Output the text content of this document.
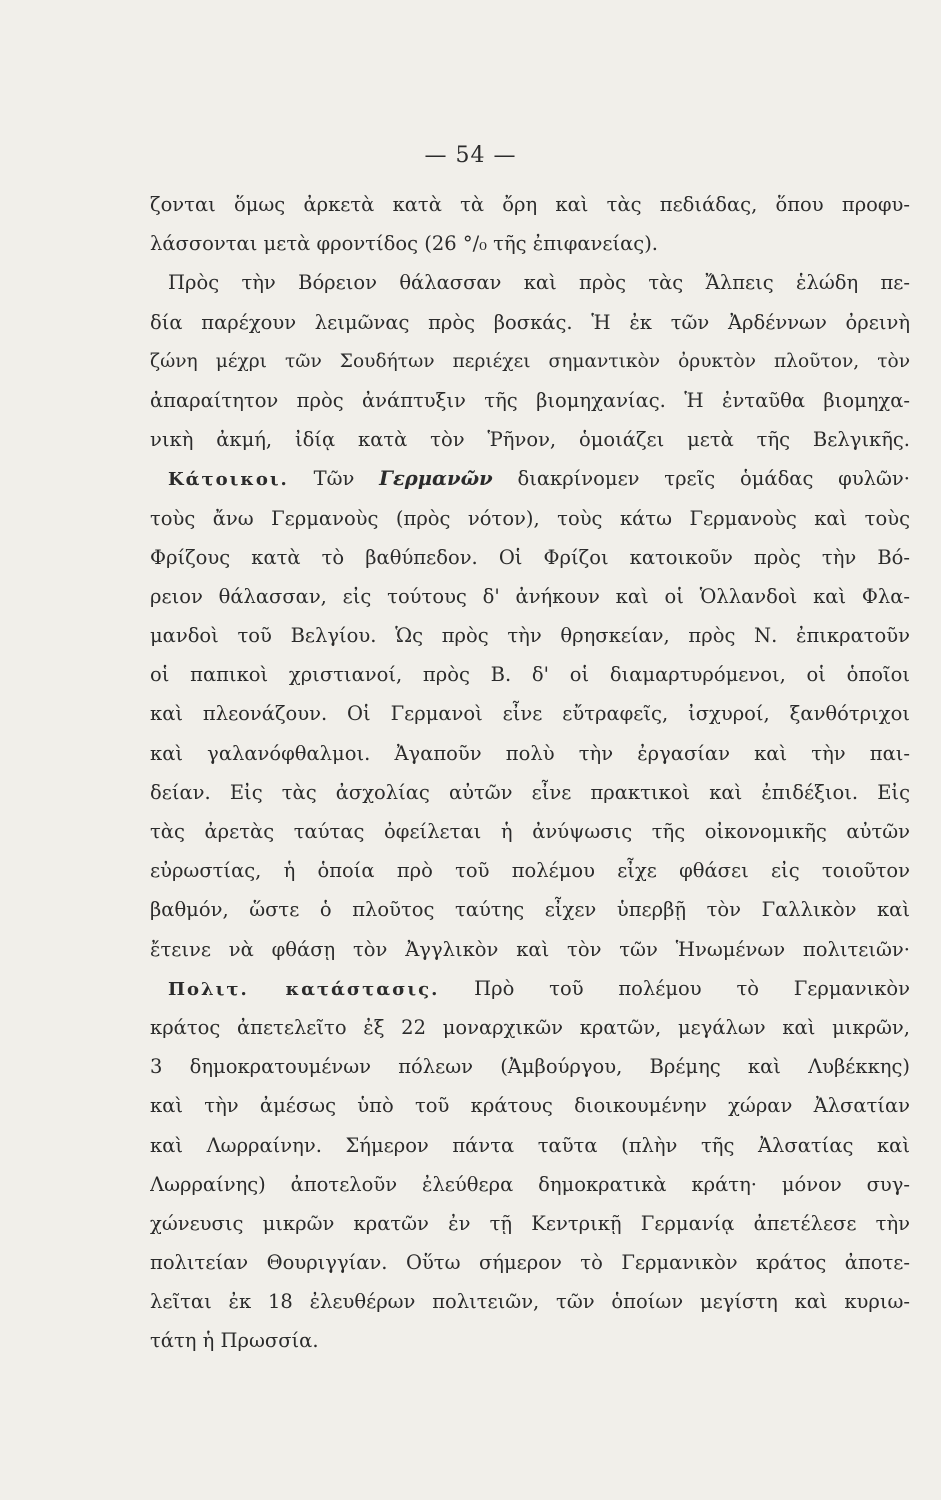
— 54 —
ζονται ὅμως ἀρκετὰ κατὰ τὰ ὄρη καὶ τὰς πεδιάδας, ὅπου προφυ-
λάσσονται μετὰ φροντίδος (26 °/₀ τῆς ἐπιφανείας).
Πρὸς τὴν Βόρειον θάλασσαν καὶ πρὸς τὰς Ἄλπεις ἑλώδη πε-
δία παρέχουν λειμῶνας πρὸς βοσκάς. Ἡ ἐκ τῶν Ἀρδέννων ὀρεινὴ
ζώνη μέχρι τῶν Σουδήτων περιέχει σημαντικὸν ὀρυκτὸν πλοῦτον, τὸν
ἀπαραίτητον πρὸς ἀνάπτυξιν τῆς βιομηχανίας. Ἡ ἐνταῦθα βιομηχα-
νικὴ ἀκμή, ἰδίᾳ κατὰ τὸν Ῥῆνον, ὁμοιάζει μετὰ τῆς Βελγικῆς.
Κάτοικοι. Τῶν Γερμανῶν διακρίνομεν τρεῖς ὁμάδας φυλῶν·
τοὺς ἄνω Γερμανοὺς (πρὸς νότον), τοὺς κάτω Γερμανοὺς καὶ τοὺς
Φρίζους κατὰ τὸ βαθύπεδον. Οἱ Φρίζοι κατοικοῦν πρὸς τὴν Βό-
ρειον θάλασσαν, εἰς τούτους δ' ἀνήκουν καὶ οἱ Ὁλλανδοὶ καὶ Φλα-
μανδοὶ τοῦ Βελγίου. Ὡς πρὸς τὴν θρησκείαν, πρὸς Ν. ἐπικρατοῦν
οἱ παπικοὶ χριστιανοί, πρὸς Β. δ' οἱ διαμαρτυρόμενοι, οἱ ὁποῖοι
καὶ πλεονάζουν. Οἱ Γερμανοὶ εἶνε εὔτραφεῖς, ἰσχυροί, ξανθότριχοι
καὶ γαλανόφθαλμοι. Ἀγαποῦν πολὺ τὴν ἐργασίαν καὶ τὴν παι-
δείαν. Εἰς τὰς ἀσχολίας αὐτῶν εἶνε πρακτικοὶ καὶ ἐπιδέξιοι. Εἰς
τὰς ἀρετὰς ταύτας ὀφείλεται ἡ ἀνύψωσις τῆς οἰκονομικῆς αὐτῶν
εὐρωστίας, ἡ ὁποία πρὸ τοῦ πολέμου εἶχε φθάσει εἰς τοιοῦτον
βαθμόν, ὥστε ὁ πλοῦτος ταύτης εἶχεν ὑπερβῇ τὸν Γαλλικὸν καὶ
ἔτεινε νὰ φθάσῃ τὸν Ἀγγλικὸν καὶ τὸν τῶν Ἡνωμένων πολιτειῶν·
Πολιτ. κατάστασις. Πρὸ τοῦ πολέμου τὸ Γερμανικὸν
κράτος ἀπετελεῖτο ἐξ 22 μοναρχικῶν κρατῶν, μεγάλων καὶ μικρῶν,
3 δημοκρατουμένων πόλεων (Ἀμβούργου, Βρέμης καὶ Λυβέκκης)
καὶ τὴν ἀμέσως ὑπὸ τοῦ κράτους διοικουμένην χώραν Ἀλσατίαν
καὶ Λωρραίνην. Σήμερον πάντα ταῦτα (πλὴν τῆς Ἀλσατίας καὶ
Λωρραίνης) ἀποτελοῦν ἐλεύθερα δημοκρατικὰ κράτη· μόνον συγ-
χώνευσις μικρῶν κρατῶν ἐν τῇ Κεντρικῇ Γερμανίᾳ ἀπετέλεσε τὴν
πολιτείαν Θουριγγίαν. Οὕτω σήμερον τὸ Γερμανικὸν κράτος ἀποτε-
λεῖται ἐκ 18 ἐλευθέρων πολιτειῶν, τῶν ὁποίων μεγίστη καὶ κυριω-
τάτη ἡ Πρωσσία.
